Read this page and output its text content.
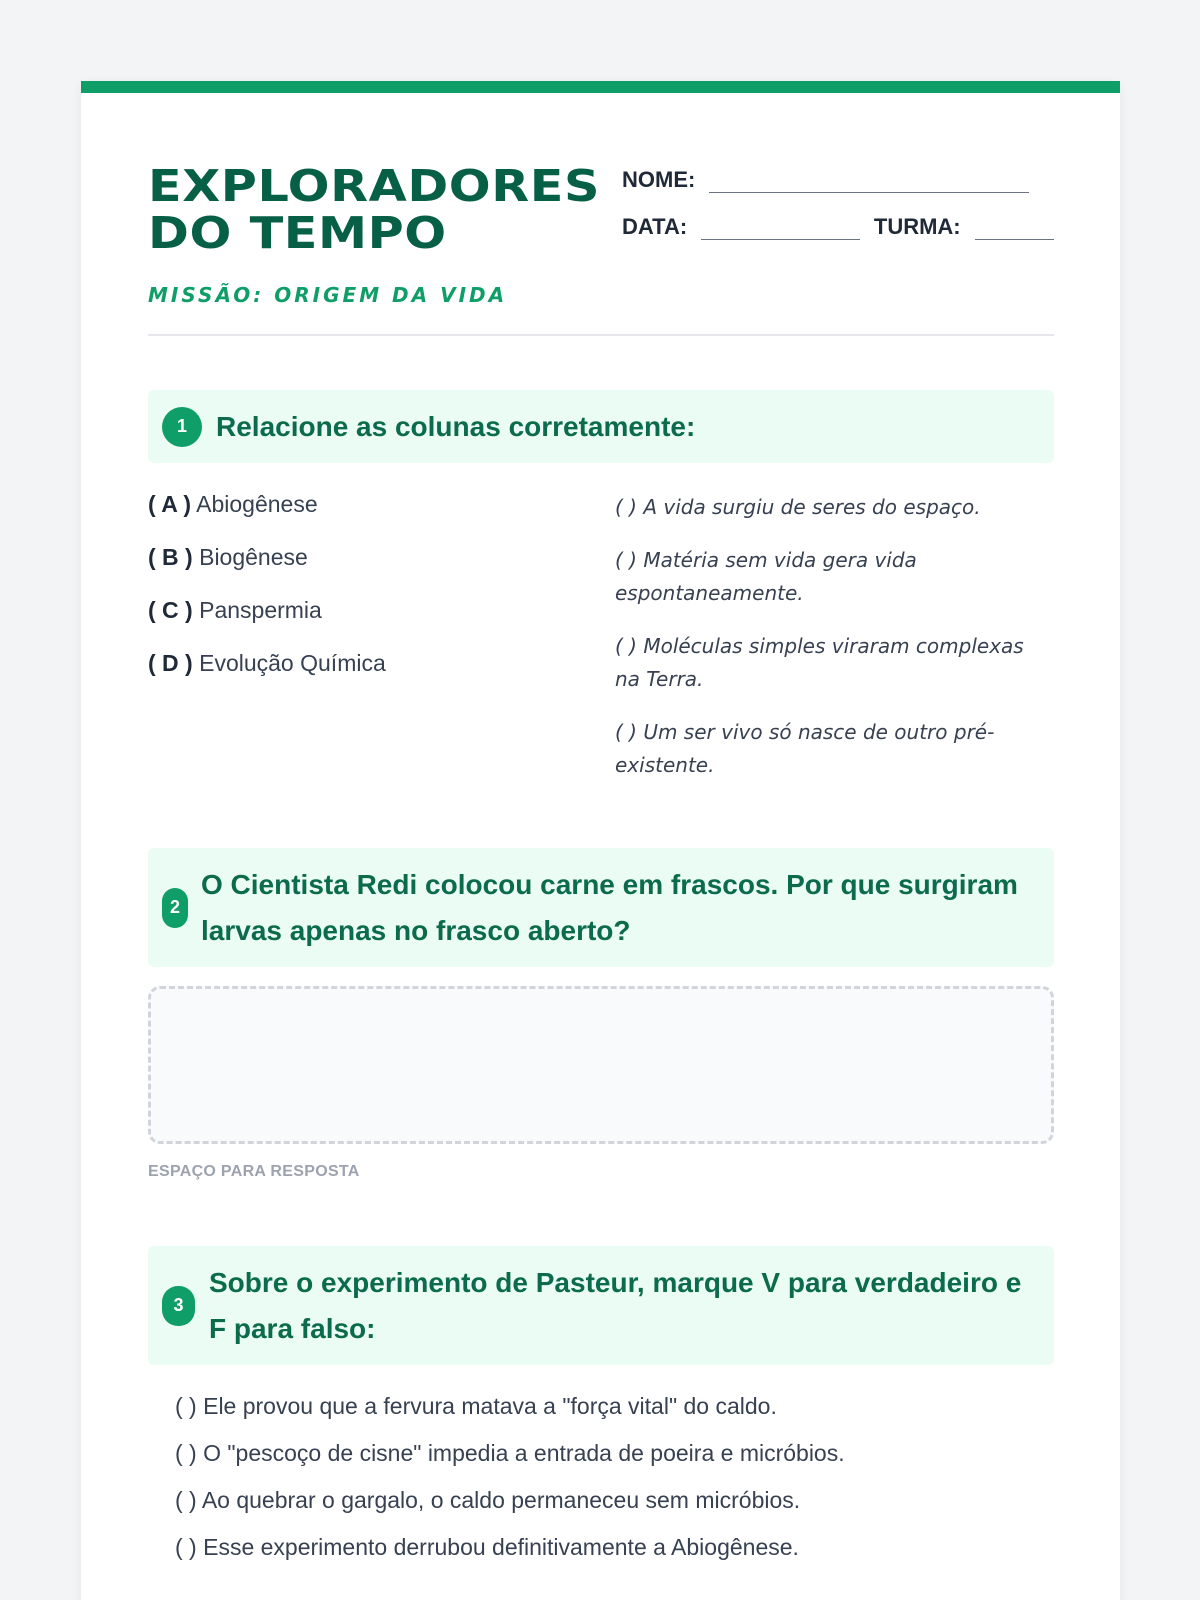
EXPLORADORES
DO TEMPO
MISSÃO: ORIGEM DA VIDA
NOME:
DATA:	TURMA:
1	Relacione as colunas corretamente:
( A ) Abiogênese
( B ) Biogênese
( C ) Panspermia
( D ) Evolução Química
( ) A vida surgiu de seres do espaço.
( ) Matéria sem vida gera vida espontaneamente.
( ) Moléculas simples viraram complexas na Terra.
( ) Um ser vivo só nasce de outro pré-existente.
2
O Cientista Redi colocou carne em frascos. Por que surgiram larvas apenas no frasco aberto?
ESPAÇO PARA RESPOSTA
3
Sobre o experimento de Pasteur, marque V para verdadeiro e F para falso:
( ) Ele provou que a fervura matava a "força vital" do caldo.
( ) O "pescoço de cisne" impedia a entrada de poeira e micróbios.
( ) Ao quebrar o gargalo, o caldo permaneceu sem micróbios.
( ) Esse experimento derrubou definitivamente a Abiogênese.
